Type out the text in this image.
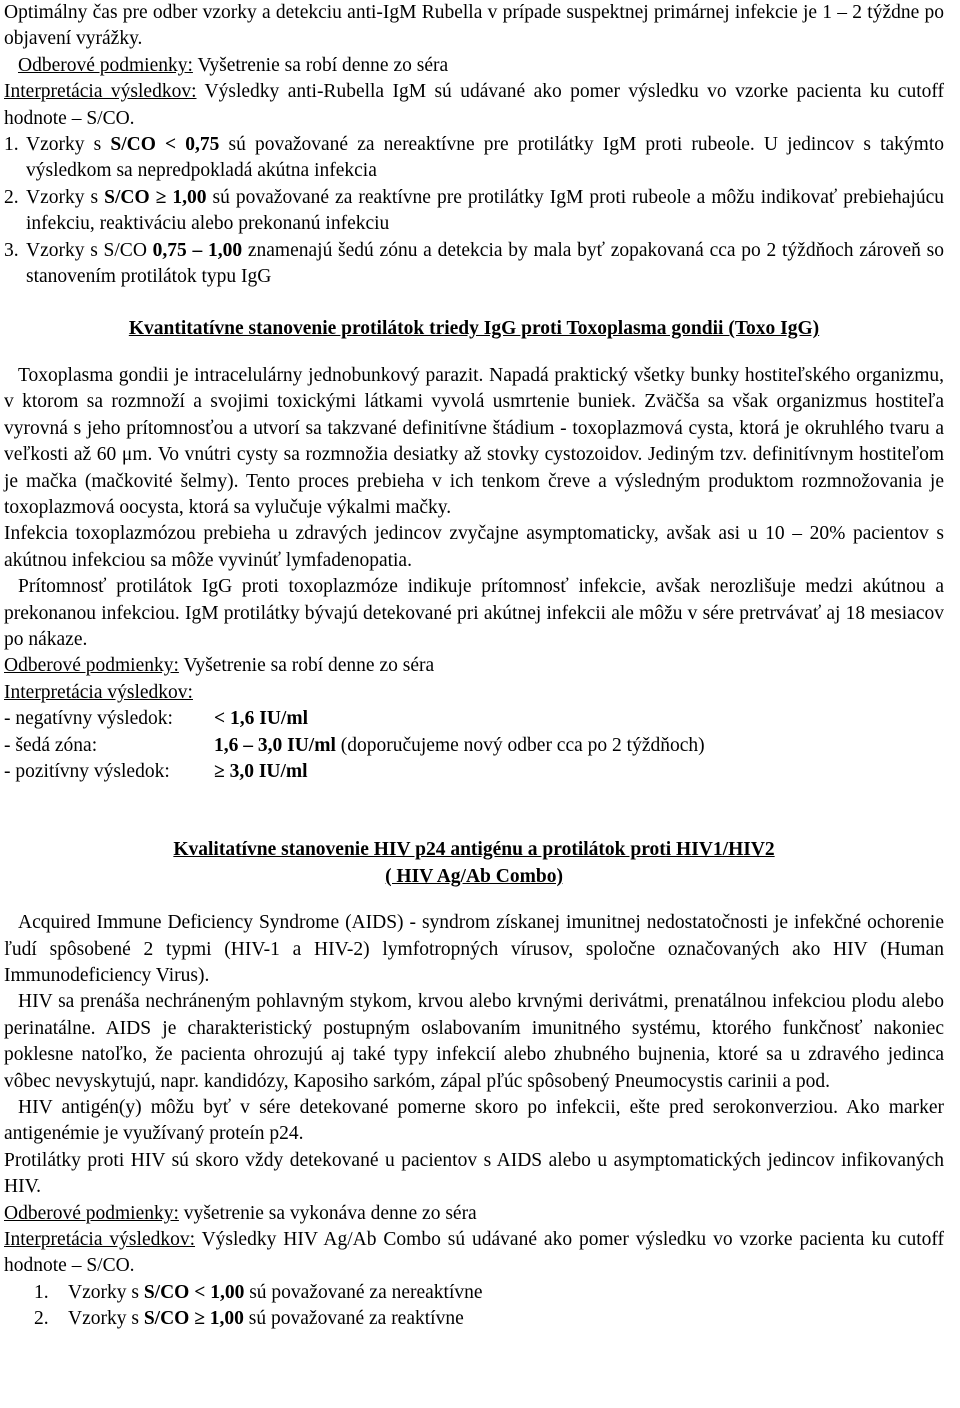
Optimálny čas pre odber vzorky a detekciu anti-IgM Rubella v prípade suspektnej primárnej infekcie je 1 – 2 týždne po objavení vyrážky.

Odberové podmienky: Vyšetrenie sa robí denne zo séra

Interpretácia výsledkov: Výsledky anti-Rubella IgM sú udávané ako pomer výsledku vo vzorke pacienta ku cutoff hodnote – S/CO.

1. Vzorky s S/CO < 0,75 sú považované za nereaktívne pre protilátky IgM proti rubeole. U jedincov s takýmto výsledkom sa nepredpokladá akútna infekcia
2. Vzorky s S/CO ≥ 1,00 sú považované za reaktívne pre protilátky IgM proti rubeole a môžu indikovať prebiehajúcu infekciu, reaktiváciu alebo prekonanú infekciu
3. Vzorky s S/CO 0,75 – 1,00 znamenajú šedú zónu a detekcia by mala byť zopakovaná cca po 2 týždňoch zároveň so stanovením protilátok typu IgG

Kvantitatívne stanovenie protilátok triedy IgG proti Toxoplasma gondii (Toxo IgG)

Toxoplasma gondii je intracelulárny jednobunkový parazit. Napadá praktický všetky bunky hostiteľského organizmu, v ktorom sa rozmnoží a svojimi toxickými látkami vyvolá usmrtenie buniek. Zväčša sa však organizmus hostiteľa vyrovná s jeho prítomnosťou a utvorí sa takzvané definitívne štádium - toxoplazmová cysta, ktorá je okruhlého tvaru a veľkosti až 60 μm. Vo vnútri cysty sa rozmnožia desiatky až stovky cystozoidov. Jediným tzv. definitívnym hostiteľom je mačka (mačkovité šelmy). Tento proces prebieha v ich tenkom čreve a výsledným produktom rozmnožovania je toxoplazmová oocysta, ktorá sa vylučuje výkalmi mačky.

Infekcia toxoplazmózou prebieha u zdravých jedincov zvyčajne asymptomaticky, avšak asi u 10 – 20% pacientov s akútnou infekciou sa môže vyvinúť lymfadenopatia.

Prítomnosť protilátok IgG proti toxoplazmóze indikuje prítomnosť infekcie, avšak nerozlišuje medzi akútnou a prekonanou infekciou. IgM protilátky bývajú detekované pri akútnej infekcii ale môžu v sére pretrvávať aj 18 mesiacov po nákaze.

Odberové podmienky: Vyšetrenie sa robí denne zo séra

Interpretácia výsledkov:

- negatívny výsledok:	< 1,6 IU/ml
- šedá zóna:	1,6 – 3,0 IU/ml (doporučujeme nový odber cca po 2 týždňoch)
- pozitívny výsledok:	≥ 3,0 IU/ml

Kvalitatívne stanovenie HIV p24 antigénu a protilátok proti HIV1/HIV2

( HIV Ag/Ab Combo)

Acquired Immune Deficiency Syndrome (AIDS) - syndrom získanej imunitnej nedostatočnosti je infekčné ochorenie ľudí spôsobené 2 typmi (HIV-1 a HIV-2) lymfotropných vírusov, spoločne označovaných ako HIV (Human Immunodeficiency Virus).

HIV sa prenáša nechráneným pohlavným stykom, krvou alebo krvnými derivátmi, prenatálnou infekciou plodu alebo perinatálne. AIDS je charakteristický postupným oslabovaním imunitného systému, ktorého funkčnosť nakoniec poklesne natoľko, že pacienta ohrozujú aj také typy infekcií alebo zhubného bujnenia, ktoré sa u zdravého jedinca vôbec nevyskytujú, napr. kandidózy, Kaposiho sarkóm, zápal pľúc spôsobený Pneumocystis carinii a pod.

HIV antigén(y) môžu byť v sére detekované pomerne skoro po infekcii, ešte pred serokonverziou. Ako marker antigenémie je využívaný proteín p24.

Protilátky proti HIV sú skoro vždy detekované u pacientov s AIDS alebo u asymptomatických jedincov infikovaných HIV.

Odberové podmienky: vyšetrenie sa vykonáva denne zo séra

Interpretácia výsledkov: Výsledky HIV Ag/Ab Combo sú udávané ako pomer výsledku vo vzorke pacienta ku cutoff hodnote – S/CO.

1. Vzorky s S/CO < 1,00 sú považované za nereaktívne
2. Vzorky s S/CO ≥ 1,00 sú považované za reaktívne
